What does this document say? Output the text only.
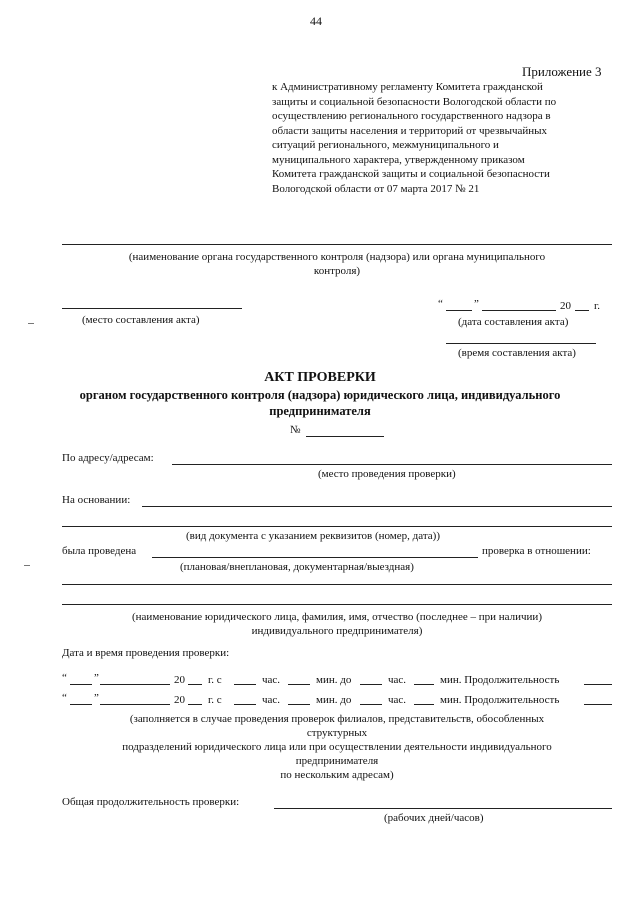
44
Приложение 3
к Административному регламенту Комитета гражданской
защиты и социальной безопасности Вологодской области по
осуществлению регионального государственного надзора в
области защиты населения и территорий от чрезвычайных
ситуаций регионального, межмуниципального и
муниципального характера, утвержденному приказом
Комитета гражданской защиты и социальной безопасности
Вологодской области от 07 марта 2017 № 21
(наименование органа государственного контроля (надзора) или органа муниципального
контроля)
(место составления акта)
“	”	20 г.
(дата составления акта)
(время составления акта)
АКТ ПРОВЕРКИ
органом государственного контроля (надзора) юридического лица, индивидуального
предпринимателя
№
По адресу/адресам:
(место проведения проверки)
На основании:
(вид документа с указанием реквизитов (номер, дата))
была проведена	проверка в отношении:
(плановая/внеплановая, документарная/выездная)
(наименование юридического лица, фамилия, имя, отчество (последнее – при наличии)
индивидуального предпринимателя)
Дата и время проведения проверки:
“ ”	20 г. с	час.	мин. до	час.	мин. Продолжительность
“ ”	20 г. с	час.	мин. до	час.	мин. Продолжительность
(заполняется в случае проведения проверок филиалов, представительств, обособленных
структурных
подразделений юридического лица или при осуществлении деятельности индивидуального
предпринимателя
по нескольким адресам)
Общая продолжительность проверки:
(рабочих дней/часов)
